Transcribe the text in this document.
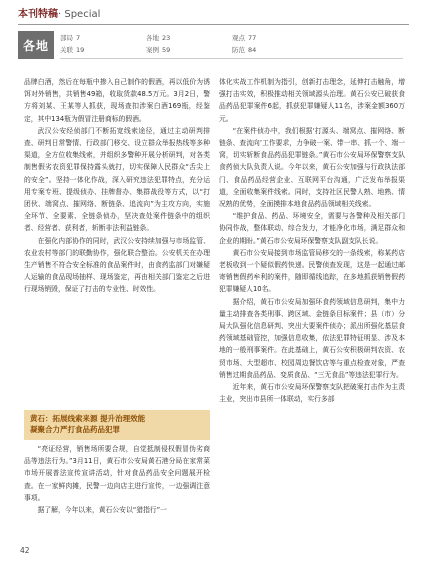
本刊特稿· Special
各地
部局 7	各地 23	观点 77
关联 19	案例 59	防范 84

品牌白酒，然后在每瓶中掺入自己制作的假酒，再以低价为诱饵对外销售，共销售49箱，收取货款48.5万元。3月2日，警方将刘某、王某等人抓获，现场查扣涉案白酒169瓶，经鉴定，其中134瓶为假冒注册商标的假酒。

武汉公安经侦部门不断拓宽线索途径，通过主动研判排查、研判日常警情、行政部门移交、设立群众举报热线等多种渠道，全方位收集线索，并组织多警种开展分析研判，对各类制售假劣农资犯罪保持露头就打，切实保障人民群众“舌尖上的安全”。坚持一体化作战，深入研究违法犯罪特点，充分运用专案专班、提级侦办、挂牌督办、集群战役等方式，以“打团伙、端窝点、摧网络、断链条、追流向”为主攻方向，实施全环节、全要素、全链条侦办，坚决查处案件链条中的组织者、经营者、获利者，斩断非法利益链条。

在强化内部协作的同时，武汉公安持续加强与市场监管、农业农村等部门的联勤协作，强化联合整治。公安机关在办理生产销售不符合安全标准的食品案件时，由食药监部门对嫌疑人运输的食品现场抽样、现场鉴定，再由相关部门鉴定之后进行现场销毁，保证了打击的专业性、时效性。

黄石：拓展线索来源 提升治理效能
凝聚合力严打食品药品犯罪

“亮证经营，销售场所要合规，自觉抵制侵权假冒伪劣商品等违法行为。”3月11日，黄石市公安局黄石港分局在家常菜市场开展普法宣传宣讲活动，针对食品药品安全问题展开检查。在一家鲜肉摊，民警一边向店主进行宣传，一边强调注意事项。

据了解，今年以来，黄石公安以“猎指行”一

体化实战工作机制为指引，创新打击理念，延伸打击触角，增强打击实效，积极推动相关领域源头治理。黄石公安已破获食品药品犯罪案件6起，抓获犯罪嫌疑人11名，涉案金额360万元。

“在案件侦办中，我们根据‘打源头、端窝点、摧网络、断链条、查流向’工作要求，力争破一案、带一串、抓一个、端一窝，切实斩断食品药品犯罪链条。”黄石市公安局环保警察支队食药侦大队负责人说。今年以来，黄石公安加强与行政执法部门、食品药品经营企业、互联网平台沟通，广泛发布举报渠道，全面收集案件线索。同时，支持社区民警人熟、地熟、情况熟的优势，全面摸排本地食品药品领域相关线索。

“维护食品、药品、环境安全，需要与各警种及相关部门协同作战，整体联动、综合发力，才能净化市场，满足群众和企业的期盼。”黄石市公安局环保警察支队副支队长说。

黄石市公安局接到市场监管局移交的一条线索，称某药店老板收到一个疑似假药快递。民警侦查发现，这是一起通过邮寄销售假药牟利的案件，随即循线追踪，在多地抓获销售假药犯罪嫌疑人10名。

据介绍，黄石市公安局加强环食药领域信息研判，集中力量主动排查各类刑事、跨区域、金链条目标案件；县（市）分局大队强化信息研判、突出大要案件侦办；派出所强化基层食药领域基础管控，加强信息收集，依法犯罪特征明显、涉及本地的一般刑事案件。在此基础上，黄石公安积极研判农资、农贸市场、大型超市、校园周边餐饮店等与重点检查对象，严查销售过期食品药品、变质食品、“三无食品”等违法犯罪行为。

近年来，黄石市公安局环保警察支队把破案打击作为主责主业，突出市县所一体联动，实行多部

42
